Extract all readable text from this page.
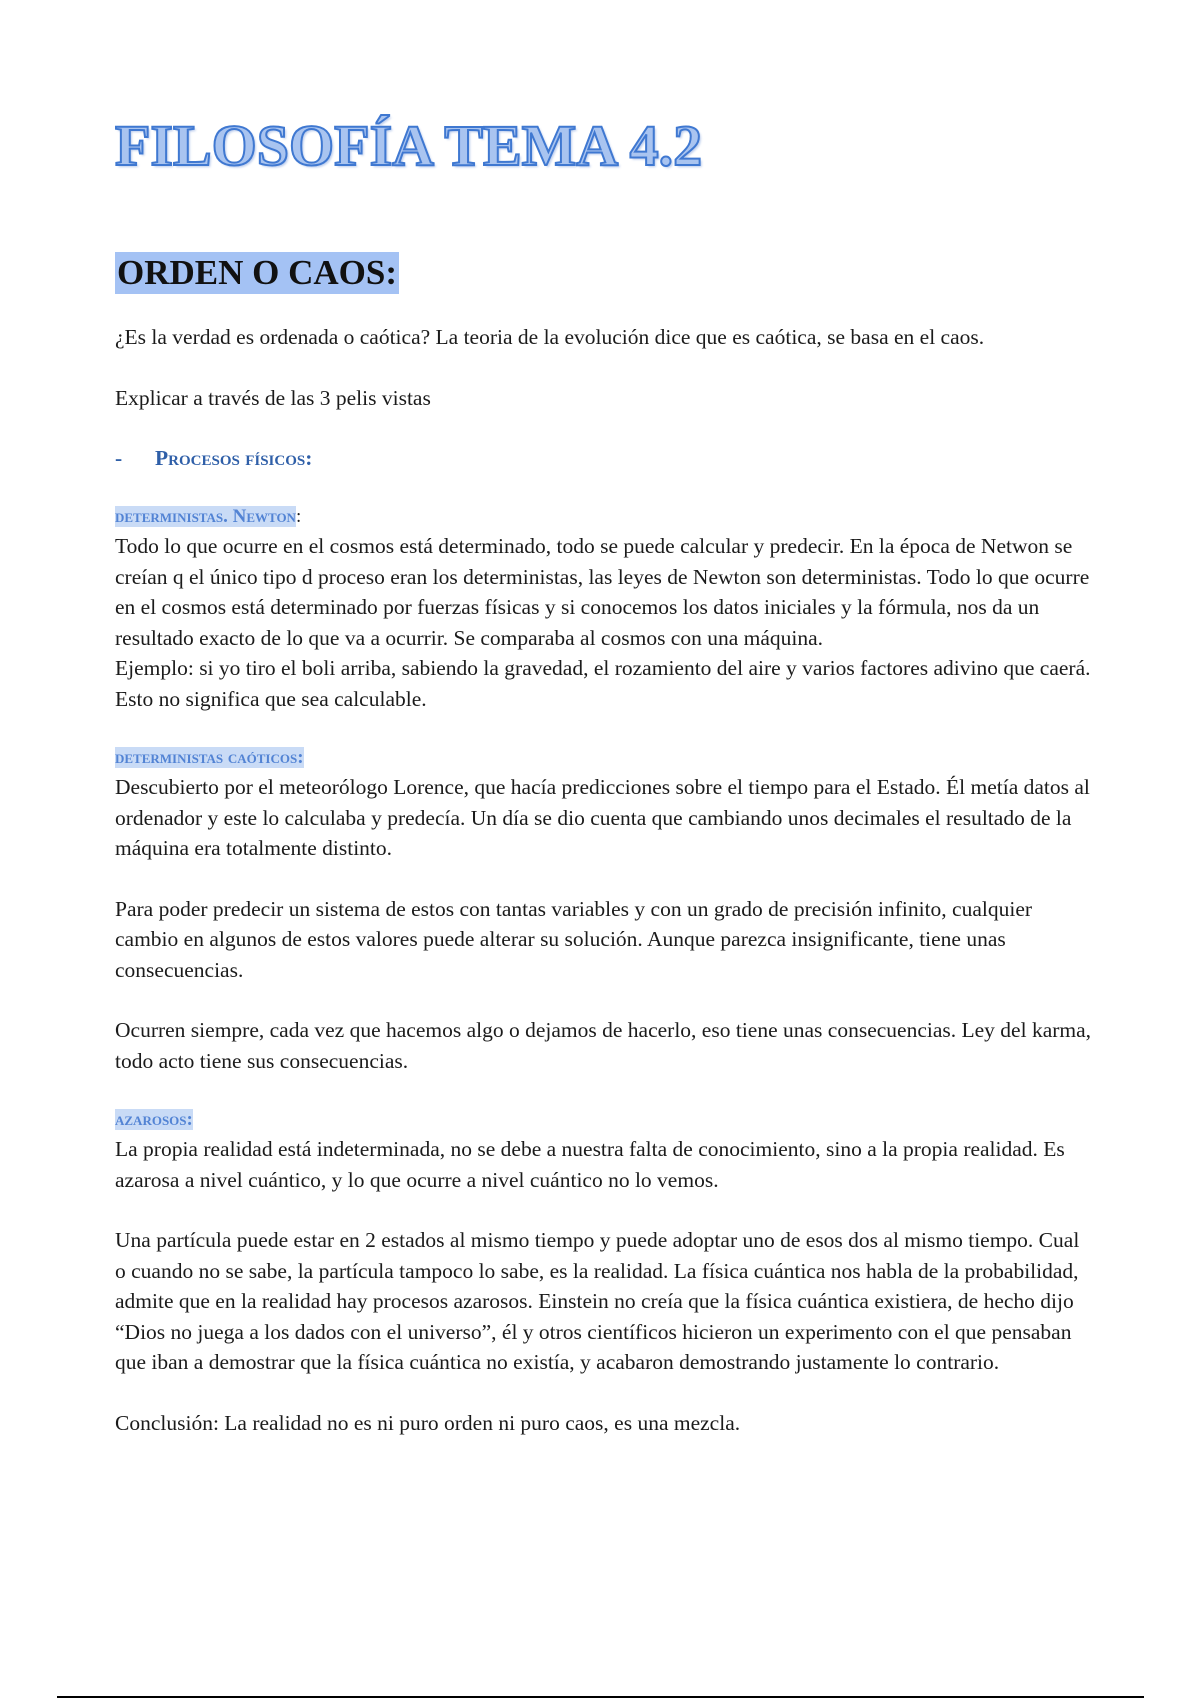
FILOSOFÍA TEMA 4.2
ORDEN O CAOS:

¿Es la verdad es ordenada o caótica? La teoria de la evolución dice que es caótica, se basa en el caos.

Explicar a través de las 3 pelis vistas

- Procesos físicos:
deterministas. Newton:

Todo lo que ocurre en el cosmos está determinado, todo se puede calcular y predecir. En la época de Netwon se creían q el único tipo d proceso eran los deterministas, las leyes de Newton son deterministas. Todo lo que ocurre en el cosmos está determinado por fuerzas físicas y si conocemos los datos iniciales y la fórmula, nos da un resultado exacto de lo que va a ocurrir. Se comparaba al cosmos con una máquina.

Ejemplo: si yo tiro el boli arriba, sabiendo la gravedad, el rozamiento del aire y varios factores adivino que caerá. Esto no significa que sea calculable.

deterministas caóticos:

Descubierto por el meteorólogo Lorence, que hacía predicciones sobre el tiempo para el Estado. Él metía datos al ordenador y este lo calculaba y predecía. Un día se dio cuenta que cambiando unos decimales el resultado de la máquina era totalmente distinto.

Para poder predecir un sistema de estos con tantas variables y con un grado de precisión infinito, cualquier cambio en algunos de estos valores puede alterar su solución. Aunque parezca insignificante, tiene unas consecuencias.

Ocurren siempre, cada vez que hacemos algo o dejamos de hacerlo, eso tiene unas consecuencias. Ley del karma, todo acto tiene sus consecuencias.

azarosos:

La propia realidad está indeterminada, no se debe a nuestra falta de conocimiento, sino a la propia realidad. Es azarosa a nivel cuántico, y lo que ocurre a nivel cuántico no lo vemos.

Una partícula puede estar en 2 estados al mismo tiempo y puede adoptar uno de esos dos al mismo tiempo. Cual o cuando no se sabe, la partícula tampoco lo sabe, es la realidad. La física cuántica nos habla de la probabilidad, admite que en la realidad hay procesos azarosos. Einstein no creía que la física cuántica existiera, de hecho dijo “Dios no juega a los dados con el universo”, él y otros científicos hicieron un experimento con el que pensaban que iban a demostrar que la física cuántica no existía, y acabaron demostrando justamente lo contrario.

Conclusión: La realidad no es ni puro orden ni puro caos, es una mezcla.
